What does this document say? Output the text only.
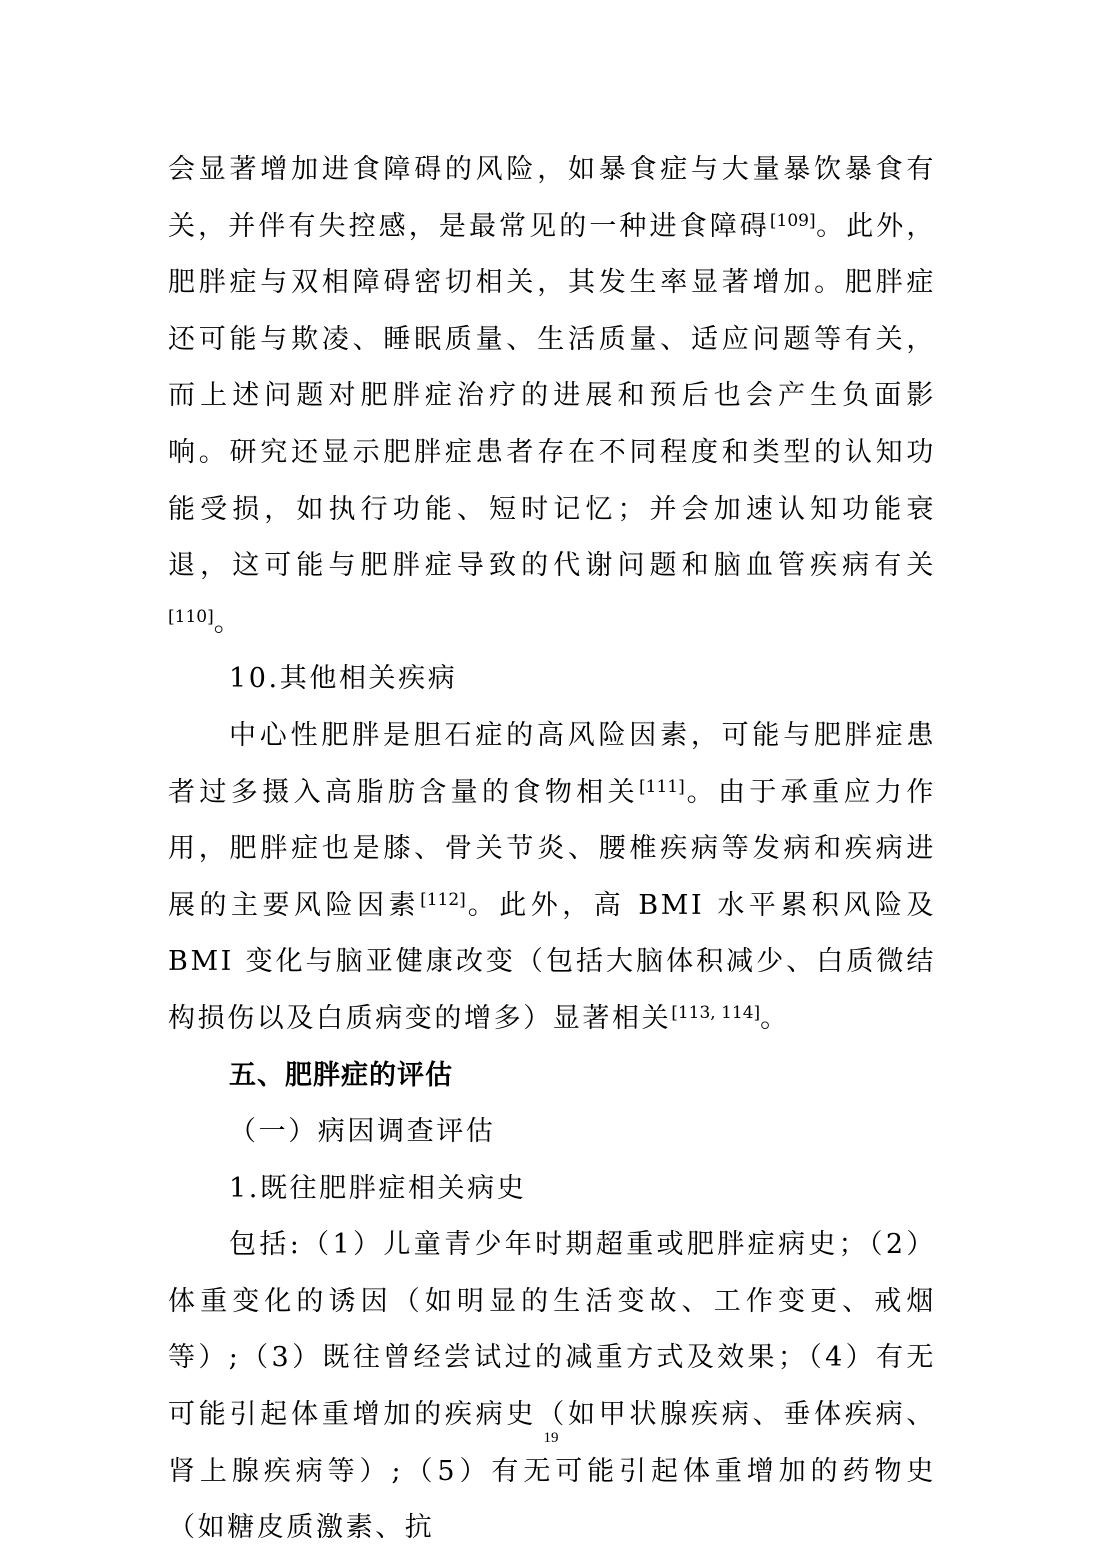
会显著增加进食障碍的风险，如暴食症与大量暴饮暴食有关，并伴有失控感，是最常见的一种进食障碍[109]。此外，肥胖症与双相障碍密切相关，其发生率显著增加。肥胖症还可能与欺凌、睡眠质量、生活质量、适应问题等有关，而上述问题对肥胖症治疗的进展和预后也会产生负面影响。研究还显示肥胖症患者存在不同程度和类型的认知功能受损，如执行功能、短时记忆；并会加速认知功能衰退，这可能与肥胖症导致的代谢问题和脑血管疾病有关[110]。

10.其他相关疾病

中心性肥胖是胆石症的高风险因素，可能与肥胖症患者过多摄入高脂肪含量的食物相关[111]。由于承重应力作用，肥胖症也是膝、骨关节炎、腰椎疾病等发病和疾病进展的主要风险因素[112]。此外，高 BMI 水平累积风险及 BMI 变化与脑亚健康改变（包括大脑体积减少、白质微结构损伤以及白质病变的增多）显著相关[113, 114]。

五、肥胖症的评估

（一）病因调查评估

1.既往肥胖症相关病史

包括:（1）儿童青少年时期超重或肥胖症病史；（2）体重变化的诱因（如明显的生活变故、工作变更、戒烟等）;（3）既往曾经尝试过的减重方式及效果；（4）有无可能引起体重增加的疾病史（如甲状腺疾病、垂体疾病、肾上腺疾病等）;（5）有无可能引起体重增加的药物史（如糖皮质激素、抗

19
